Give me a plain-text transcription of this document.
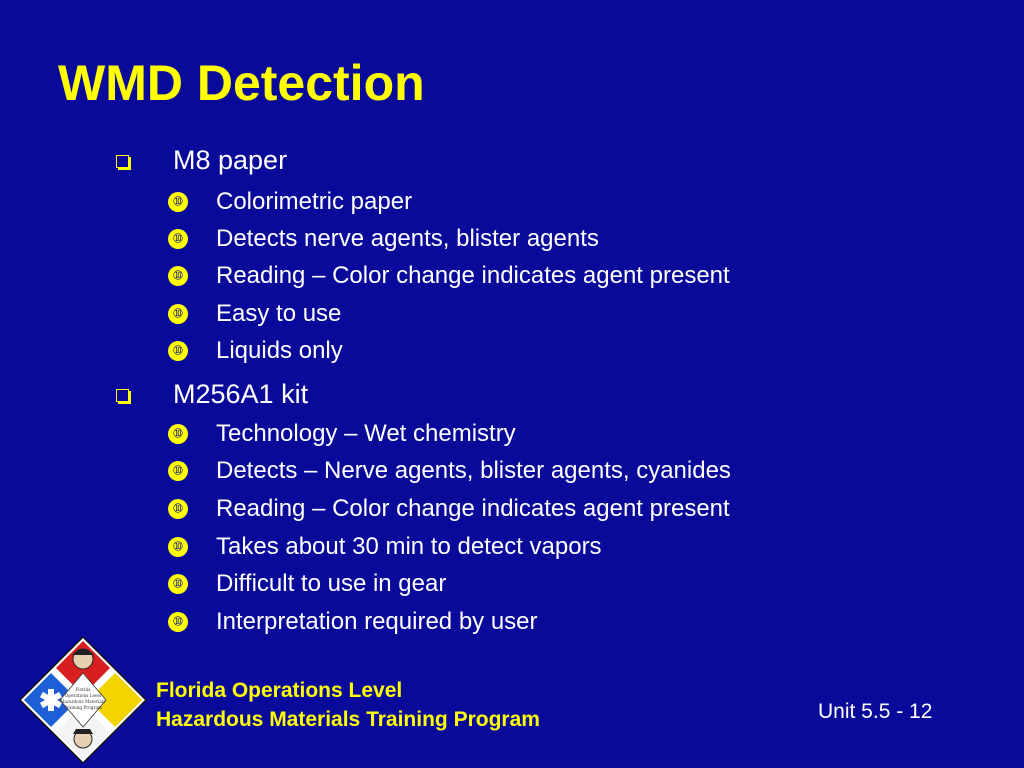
WMD Detection
M8 paper
➉ Colorimetric paper
➉ Detects nerve agents, blister agents
➉ Reading – Color change indicates agent present
➉ Easy to use
➉ Liquids only
M256A1 kit
➉ Technology – Wet chemistry
➉ Detects – Nerve agents, blister agents, cyanides
➉ Reading – Color change indicates agent present
➉ Takes about 30 min to detect vapors
➉ Difficult to use in gear
➉ Interpretation required by user
Florida
Operations Level
Hazardous Materials
Training Program
Florida Operations Level
Hazardous Materials Training Program	Unit 5.5 - 12
